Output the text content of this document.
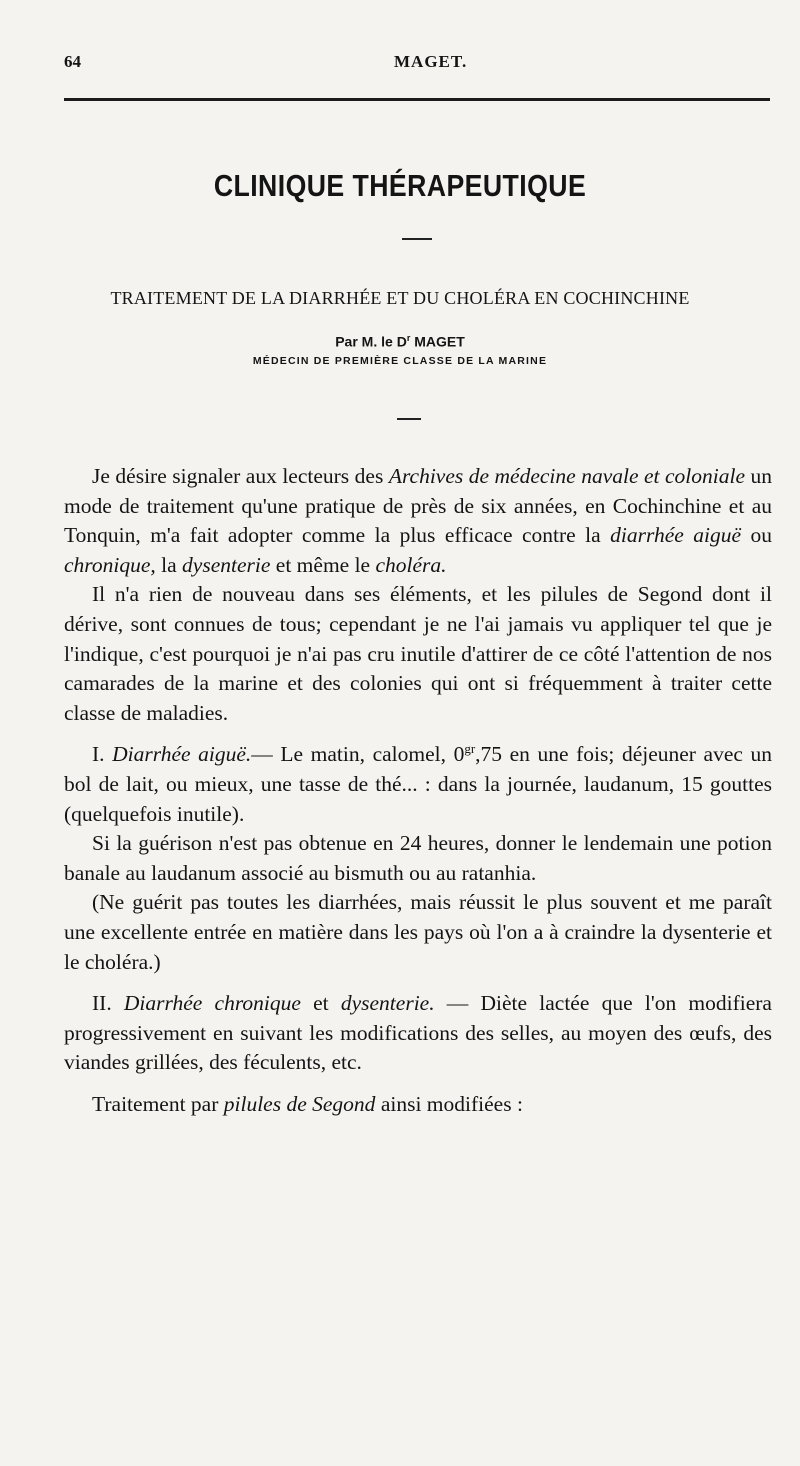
64	MAGET.
CLINIQUE THÉRAPEUTIQUE
TRAITEMENT DE LA DIARRHÉE ET DU CHOLÉRA EN COCHINCHINE
Par M. le $D^r$ MAGET
MÉDECIN DE PREMIÈRE CLASSE DE LA MARINE

Je désire signaler aux lecteurs des Archives de médecine navale et coloniale un mode de traitement qu'une pratique de près de six années, en Cochinchine et au Tonquin, m'a fait adopter comme la plus efficace contre la diarrhée aiguë ou chronique, la dysenterie et même le choléra.

Il n'a rien de nouveau dans ses éléments, et les pilules de Segond dont il dérive, sont connues de tous; cependant je ne l'ai jamais vu appliquer tel que je l'indique, c'est pourquoi je n'ai pas cru inutile d'attirer de ce côté l'attention de nos camarades de la marine et des colonies qui ont si fréquemment à traiter cette classe de maladies.

I. Diarrhée aiguë.— Le matin, calomel, $0^{gr},75$ en une fois; déjeuner avec un bol de lait, ou mieux, une tasse de thé... : dans la journée, laudanum, 15 gouttes (quelquefois inutile).

Si la guérison n'est pas obtenue en 24 heures, donner le lendemain une potion banale au laudanum associé au bismuth ou au ratanhia.

(Ne guérit pas toutes les diarrhées, mais réussit le plus souvent et me paraît une excellente entrée en matière dans les pays où l'on a à craindre la dysenterie et le choléra.)

II. Diarrhée chronique et dysenterie. — Diète lactée que l'on modifiera progressivement en suivant les modifications des selles, au moyen des œufs, des viandes grillées, des féculents, etc.

Traitement par pilules de Segond ainsi modifiées :
